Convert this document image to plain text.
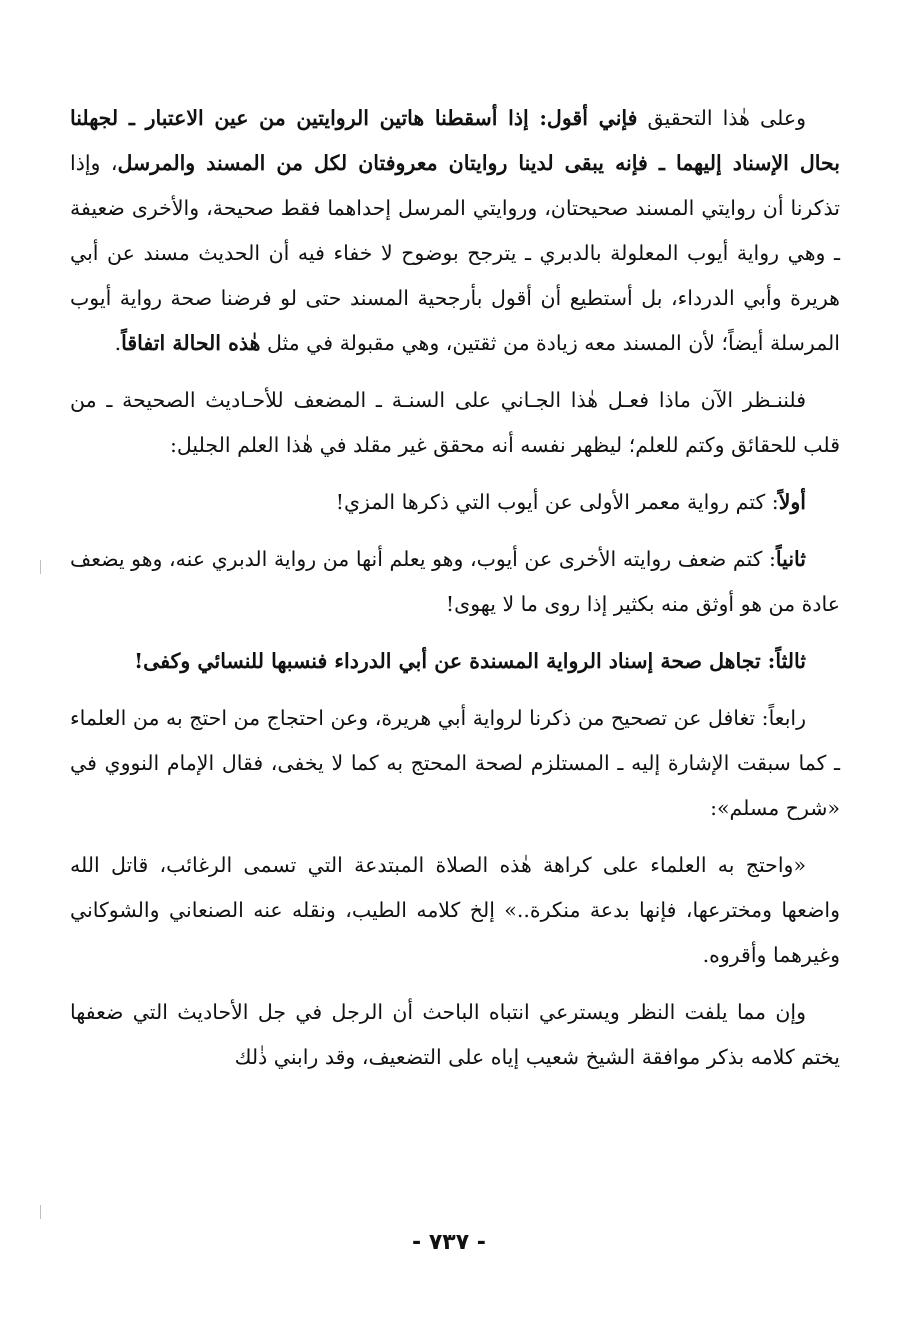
وعلى هٰذا التحقيق فإني أقول: إذا أسقطنا هاتين الروايتين من عين الاعتبار ـ لجهلنا بحال الإسناد إليهما ـ فإنه يبقى لدينا روايتان معروفتان لكل من المسند والمرسل، وإذا تذكرنا أن روايتي المسند صحيحتان، وروايتي المرسل إحداهما فقط صحيحة، والأخرى ضعيفة ـ وهي رواية أيوب المعلولة بالدبري ـ يترجح بوضوح لا خفاء فيه أن الحديث مسند عن أبي هريرة وأبي الدرداء، بل أستطيع أن أقول بأرجحية المسند حتى لو فرضنا صحة رواية أيوب المرسلة أيضاً؛ لأن المسند معه زيادة من ثقتين، وهي مقبولة في مثل هٰذه الحالة اتفاقاً.

فلننـظر الآن ماذا فعـل هٰذا الجـاني على السنـة ـ المضعف للأحـاديث الصحيحة ـ من قلب للحقائق وكتم للعلم؛ ليظهر نفسه أنه محقق غير مقلد في هٰذا العلم الجليل:

أولاً: كتم رواية معمر الأولى عن أيوب التي ذكرها المزي!

ثانياً: كتم ضعف روايته الأخرى عن أيوب، وهو يعلم أنها من رواية الدبري عنه، وهو يضعف عادة من هو أوثق منه بكثير إذا روى ما لا يهوى!

ثالثاً: تجاهل صحة إسناد الرواية المسندة عن أبي الدرداء فنسبها للنسائي وكفى!

رابعاً: تغافل عن تصحيح من ذكرنا لرواية أبي هريرة، وعن احتجاج من احتج به من العلماء ـ كما سبقت الإشارة إليه ـ المستلزم لصحة المحتج به كما لا يخفى، فقال الإمام النووي في «شرح مسلم»:

«واحتج به العلماء على كراهة هٰذه الصلاة المبتدعة التي تسمى الرغائب، قاتل الله واضعها ومخترعها، فإنها بدعة منكرة..» إلخ كلامه الطيب، ونقله عنه الصنعاني والشوكاني وغيرهما وأقروه.

وإن مما يلفت النظر ويسترعي انتباه الباحث أن الرجل في جل الأحاديث التي ضعفها يختم كلامه بذكر موافقة الشيخ شعيب إياه على التضعيف، وقد رابني ذٰلك

- ٧٣٧ -
